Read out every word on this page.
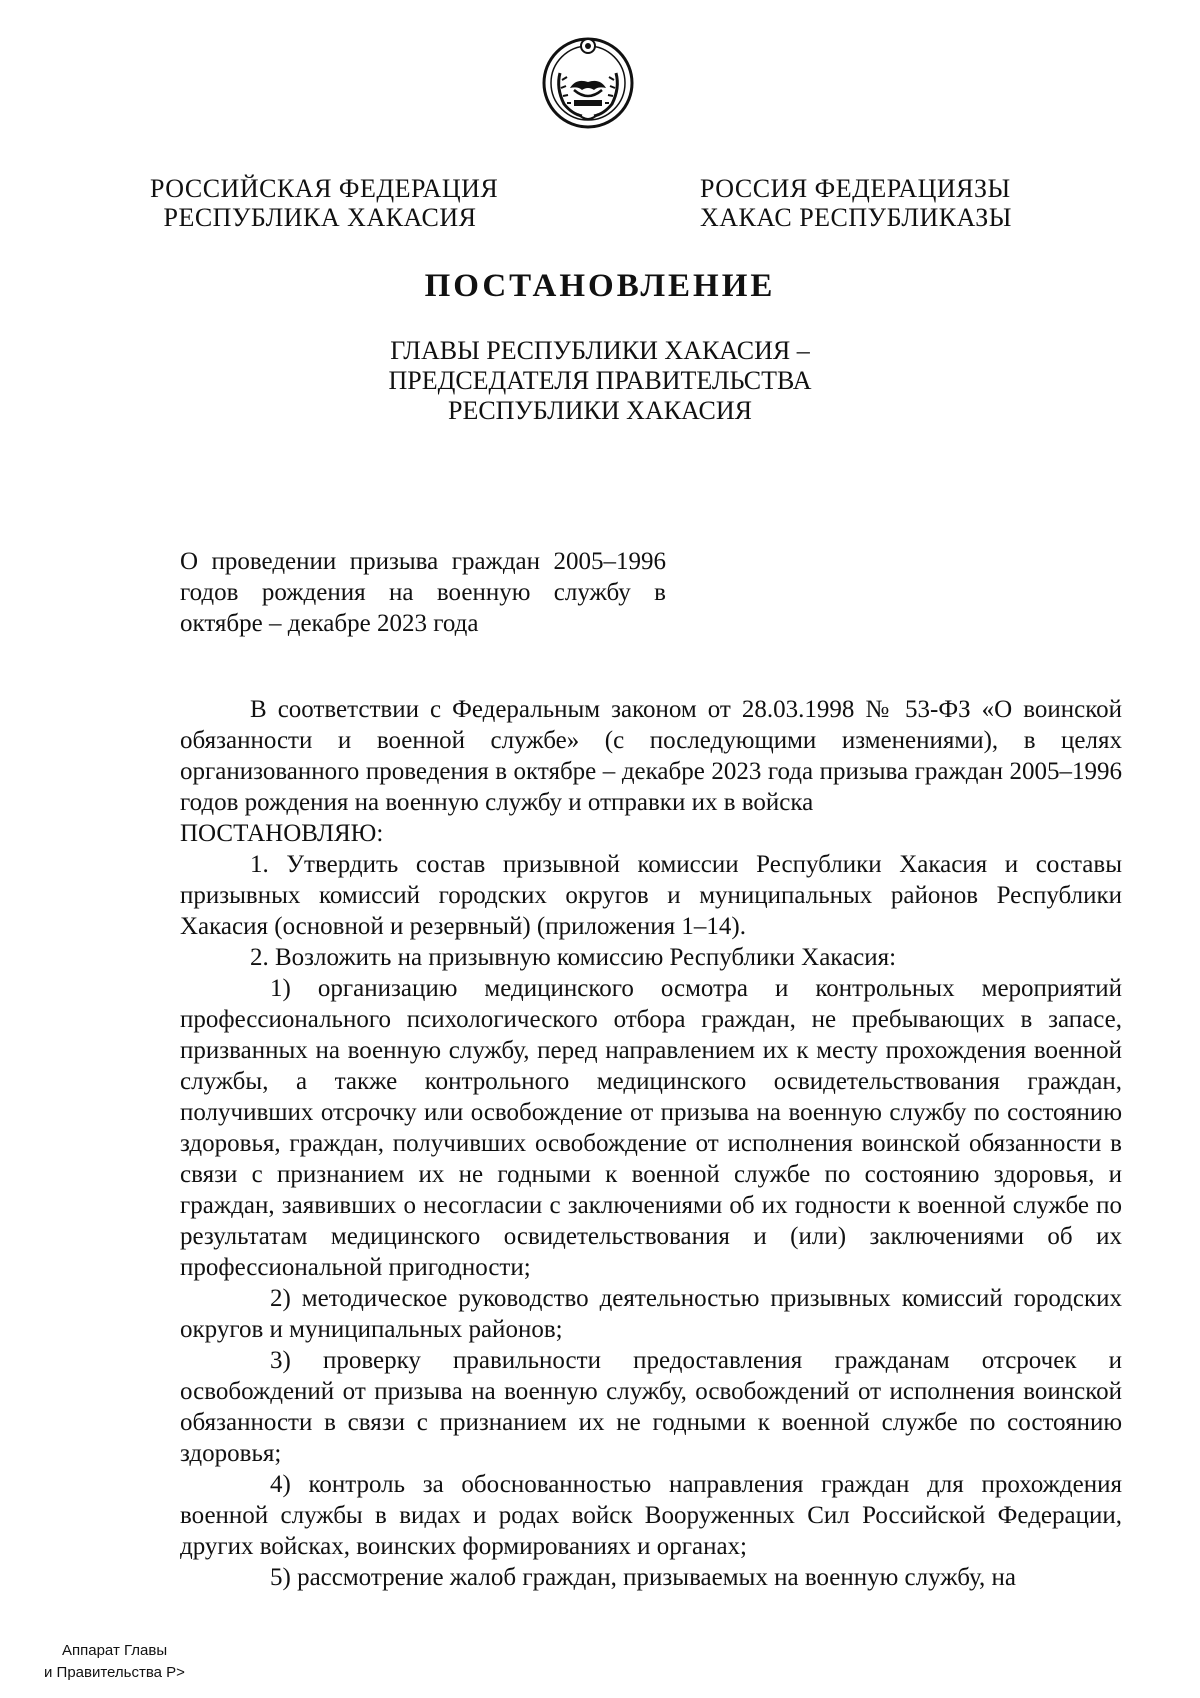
РОССИЙСКАЯ ФЕДЕРАЦИЯ
РЕСПУБЛИКА ХАКАСИЯ
РОССИЯ ФЕДЕРАЦИЯЗЫ
ХАКАС РЕСПУБЛИКАЗЫ
ПОСТАНОВЛЕНИЕ
ГЛАВЫ РЕСПУБЛИКИ ХАКАСИЯ –
ПРЕДСЕДАТЕЛЯ ПРАВИТЕЛЬСТВА
РЕСПУБЛИКИ ХАКАСИЯ
О проведении призыва граждан 2005–1996
годов рождения на военную службу в
октябре – декабре 2023 года

В соответствии с Федеральным законом от 28.03.1998 № 53-ФЗ «О воинской обязанности и военной службе» (с последующими изменениями), в целях организованного проведения в октябре – декабре 2023 года призыва граждан 2005–1996 годов рождения на военную службу и отправки их в войска

ПОСТАНОВЛЯЮ:

1. Утвердить состав призывной комиссии Республики Хакасия и составы призывных комиссий городских округов и муниципальных районов Республики Хакасия (основной и резервный) (приложения 1–14).

2. Возложить на призывную комиссию Республики Хакасия:

1) организацию медицинского осмотра и контрольных мероприятий профессионального психологического отбора граждан, не пребывающих в запасе, призванных на военную службу, перед направлением их к месту прохождения военной службы, а также контрольного медицинского освидетельствования граждан, получивших отсрочку или освобождение от призыва на военную службу по состоянию здоровья, граждан, получивших освобождение от исполнения воинской обязанности в связи с признанием их не годными к военной службе по состоянию здоровья, и граждан, заявивших о несогласии с заключениями об их годности к военной службе по результатам медицинского освидетельствования и (или) заключениями об их профессиональной пригодности;

2) методическое руководство деятельностью призывных комиссий городских округов и муниципальных районов;

3) проверку правильности предоставления гражданам отсрочек и освобождений от призыва на военную службу, освобождений от исполнения воинской обязанности в связи с признанием их не годными к военной службе по состоянию здоровья;

4) контроль за обоснованностью направления граждан для прохождения военной службы в видах и родах войск Вооруженных Сил Российской Федерации, других войсках, воинских формированиях и органах;

5) рассмотрение жалоб граждан, призываемых на военную службу, на

Аппарат Главы
и Правительства Р>
